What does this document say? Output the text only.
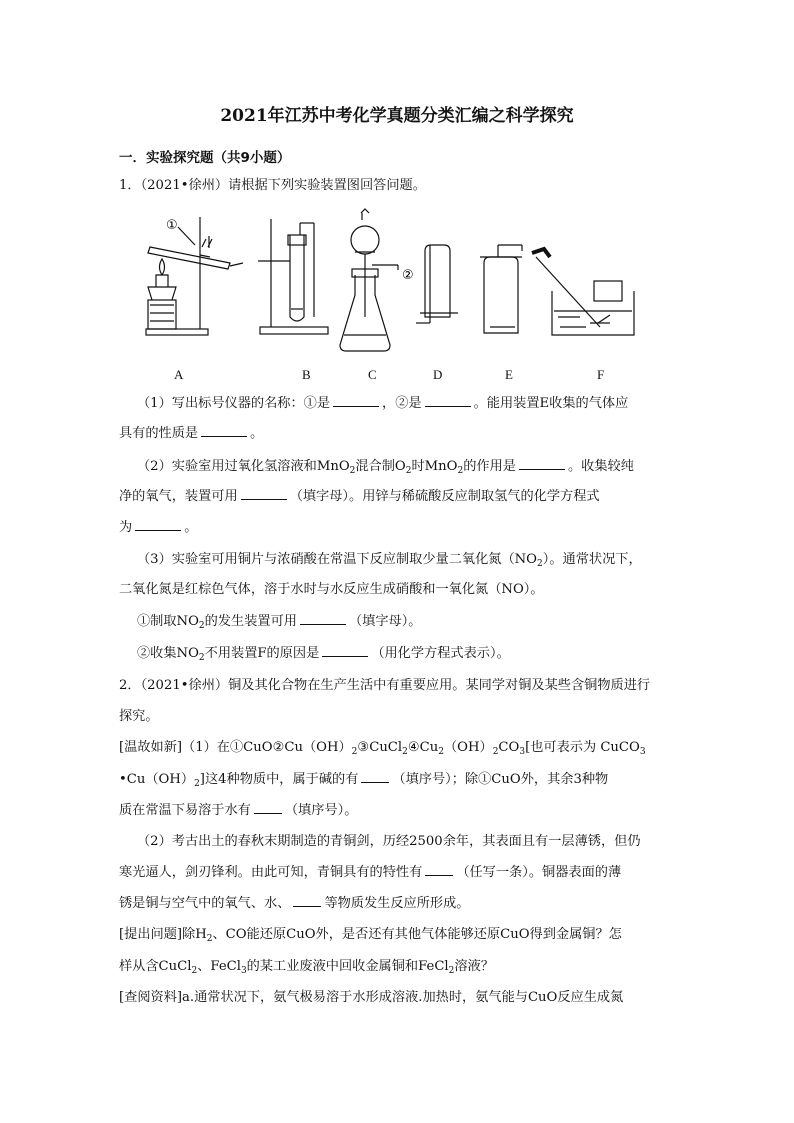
2021年江苏中考化学真题分类汇编之科学探究
一．实验探究题（共9小题）
1．（2021•徐州）请根据下列实验装置图回答问题。
①
②
A	B	C	D	E	F
（1）写出标号仪器的名称：①是	，②是	。能用装置E收集的气体应
具有的性质是	。
（2）实验室用过氧化氢溶液和MnO$_2$混合制$O_2$时MnO$_2$的作用是	。收集较纯
净的氧气，装置可用	（填字母）。用锌与稀硫酸反应制取氢气的化学方程式
为	。
（3）实验室可用铜片与浓硝酸在常温下反应制取少量二氧化氮$(NO_2)$。通常状况下，
二氧化氮是红棕色气体，溶于水时与水反应生成硝酸和一氧化氮（NO）。
①制取$NO_2$的发生装置可用	（填字母）。
②收集$NO_2$不用装置F的原因是	（用化学方程式表示）。
2．（2021•徐州）铜及其化合物在生产生活中有重要应用。某同学对铜及某些含铜物质进行
探究。
[温故如新]（1）在$①CuO②Cu(OH)_2③CuCl_2④Cu_2(OH)_2CO_3$[也可表示为 CuCO$_3$
$•Cu(OH)_2$]这4种物质中，属于碱的有	（填序号）；除①CuO外，其余3种物
质在常温下易溶于水有	（填序号）。
（2）考古出土的春秋末期制造的青铜剑，历经2500余年，其表面且有一层薄锈，但仍
寒光逼人，剑刃锋利。由此可知，青铜具有的特性有	（任写一条）。铜器表面的薄
锈是铜与空气中的氧气、水、	等物质发生反应所形成。
[提出问题]除$H_2$、CO能还原CuO外，是否还有其他气体能够还原CuO得到金属铜？怎
样从含CuCl$_2$、FeCl$_3$的某工业废液中回收金属铜和FeCl$_2$溶液？
[查阅资料]a.通常状况下，氨气极易溶于水形成溶液.加热时，氨气能与CuO反应生成氮
